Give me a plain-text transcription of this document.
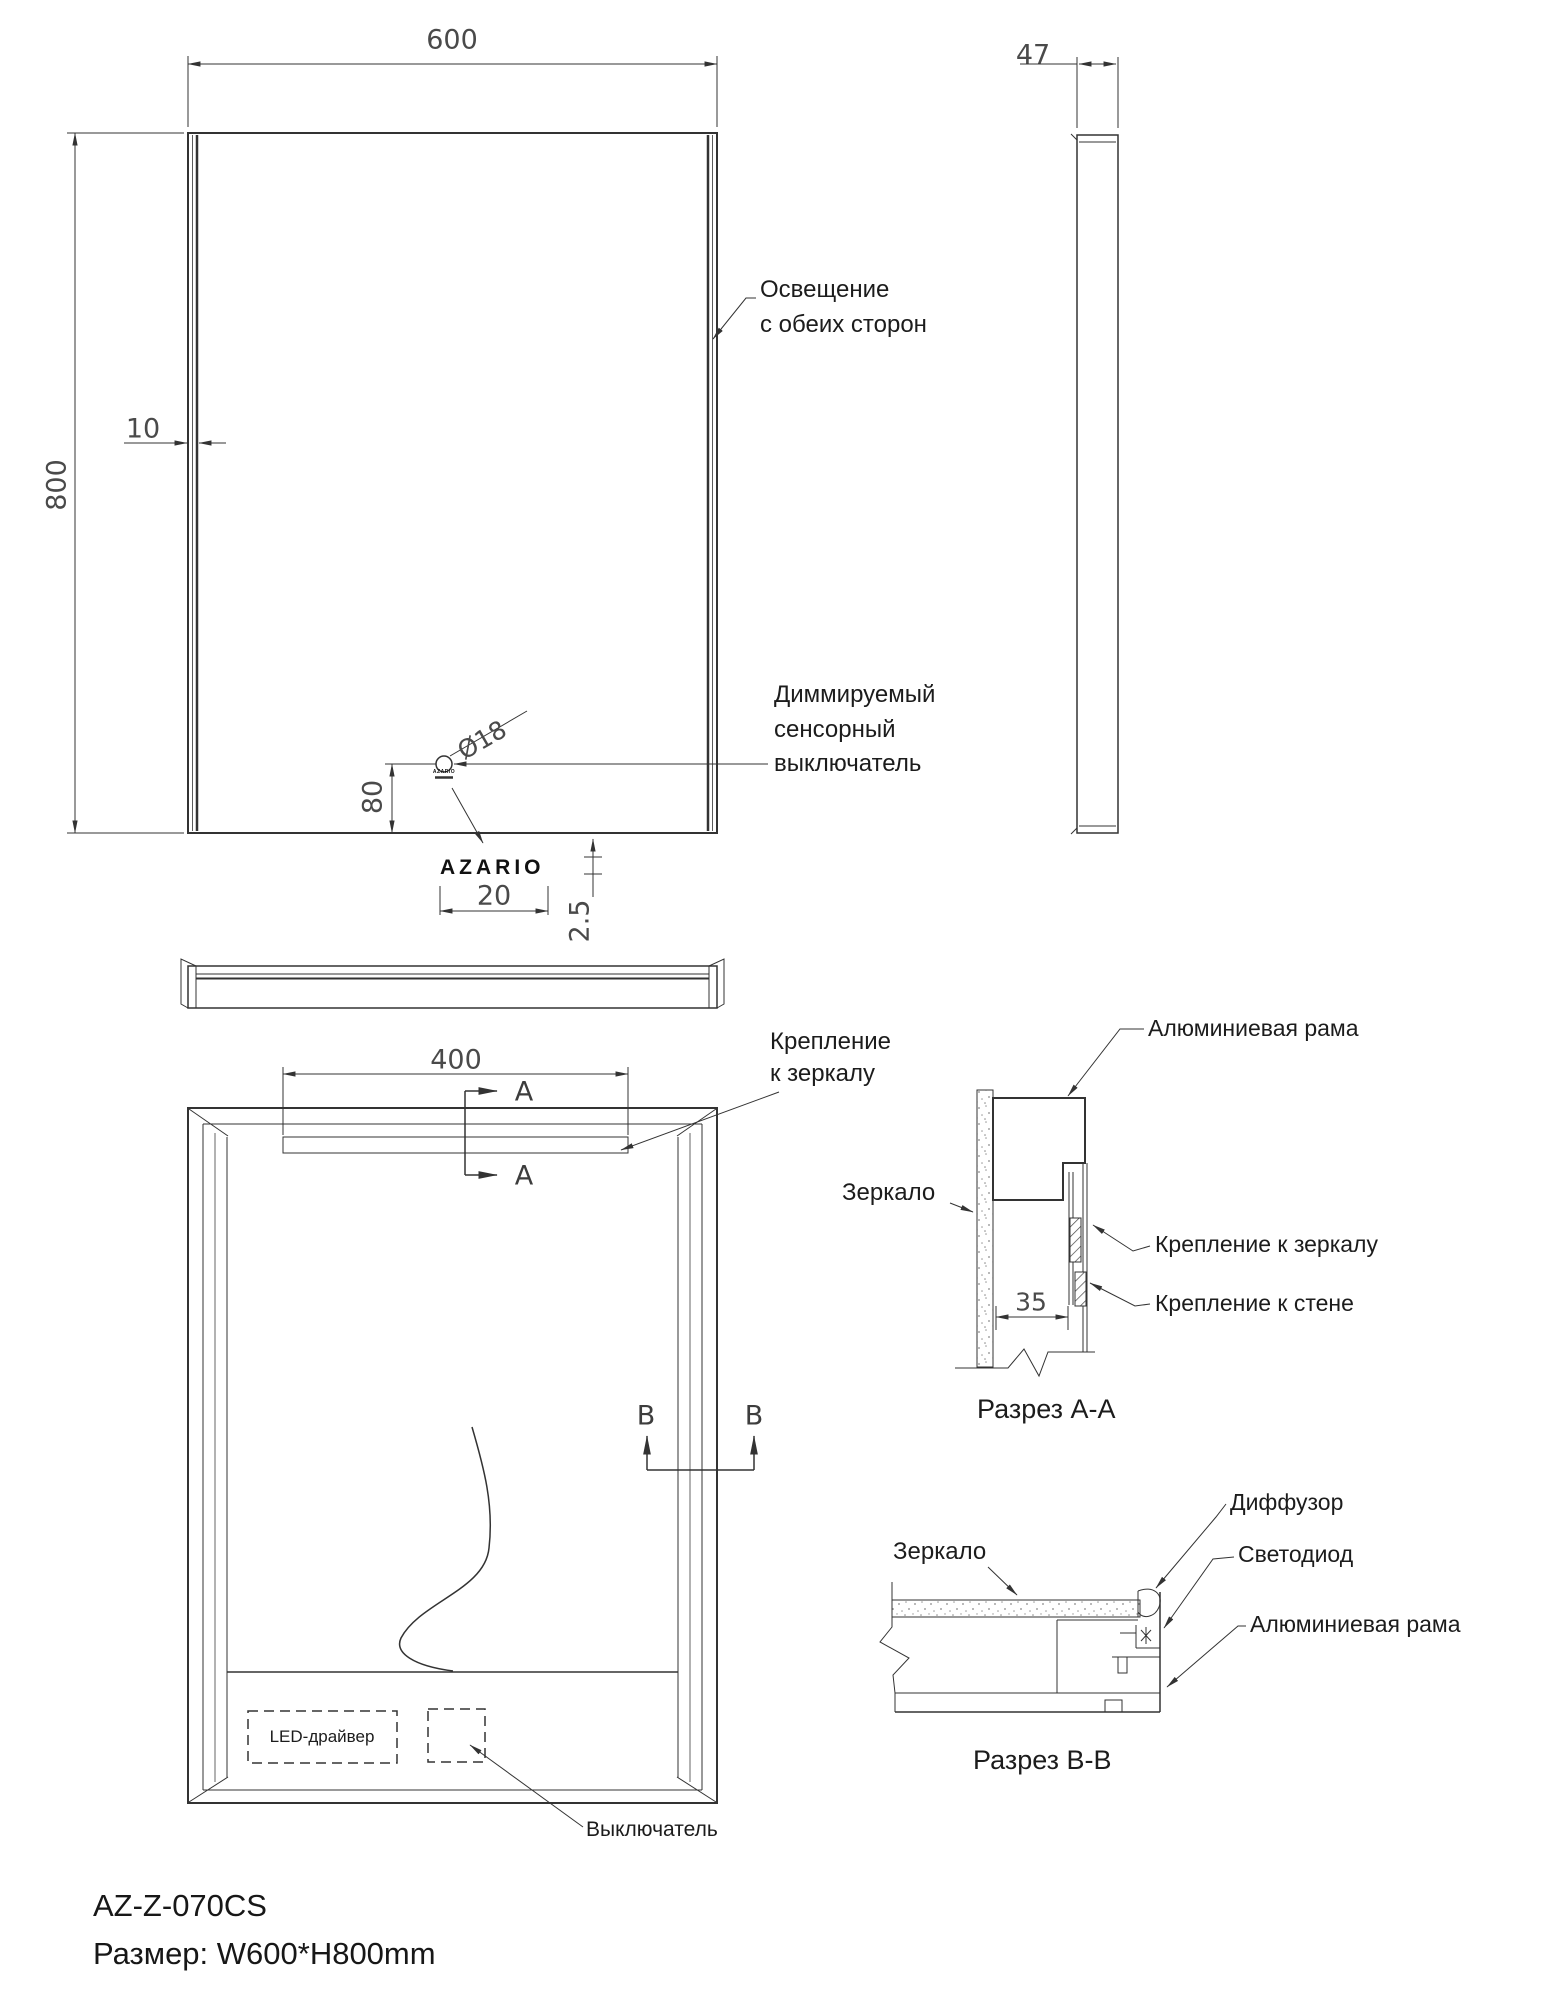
600
800
10
47
Ø18
80
20
2.5
400
35
A
A
B	B
Освещение
с обеих сторон
Диммируемый
сенсорный
выключатель
Крепление
к зеркалу
LED-драйвер
Выключатель
Зеркало
Алюминиевая рама
Крепление к зеркалу
Крепление к стене
Разрез A-A
Зеркало
Диффузор
Светодиод
Алюминиевая рама
Разрез B-B
AZARIO
AZARIO
AZ-Z-070CS
Размер: W600*H800mm
